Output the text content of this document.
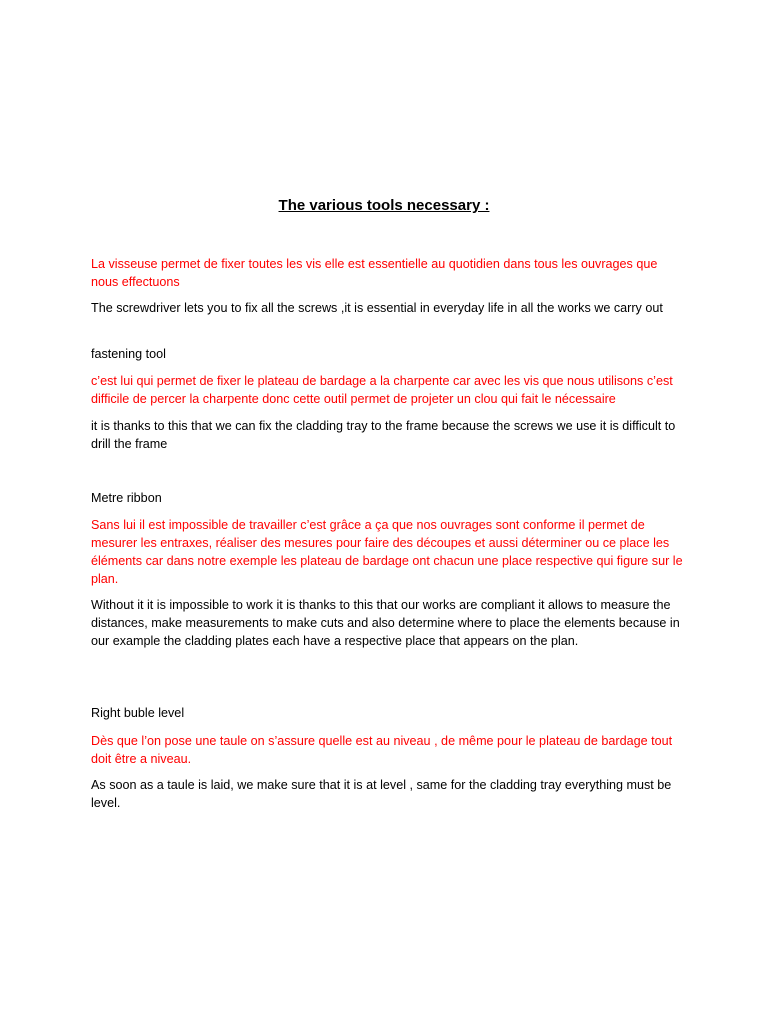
The various tools necessary :
La visseuse permet de fixer toutes les vis elle est essentielle au quotidien dans tous les ouvrages que nous effectuons
The screwdriver lets you to fix all the screws ,it is essential in everyday life in all the works we carry out
fastening tool
c’est lui qui permet de fixer le plateau de bardage a la charpente car avec les vis que nous utilisons c’est difficile de percer la charpente donc cette outil permet de projeter un clou qui fait le nécessaire
it is thanks to this that we can fix the cladding tray to the frame because the screws we use it is difficult to drill the frame
Metre ribbon
Sans lui il est impossible de travailler c’est grâce a ça que nos ouvrages sont conforme il permet de mesurer les entraxes, réaliser des mesures pour faire des découpes et aussi déterminer ou ce place les éléments car dans notre exemple les plateau de bardage ont chacun une place respective qui figure sur le plan.
Without it it is impossible to work it is thanks to this that our works are compliant it allows to measure the distances, make measurements to make cuts and also determine where to place the elements because in our example the cladding plates each have a respective place that appears on the plan.
Right buble level
Dès que l’on pose une taule on s’assure quelle est au niveau , de même pour le plateau de bardage tout doit être a niveau.
As soon as a taule is laid, we make sure that it is at level , same for the cladding tray everything must be level.
